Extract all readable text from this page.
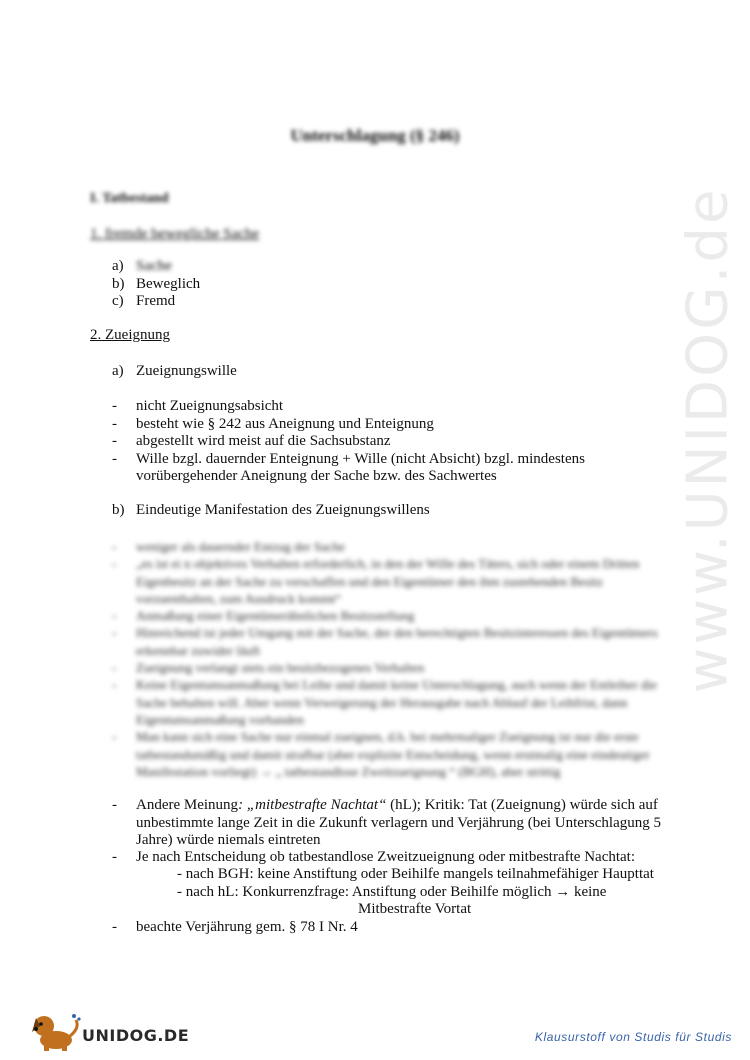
www.UNIDOG.de
Unterschlagung (§ 246)
I. Tatbestand
1. fremde bewegliche Sache
a) Sache
b) Beweglich
c) Fremd
2. Zueignung
a) Zueignungswille
- nicht Zueignungsabsicht
- besteht wie § 242 aus Aneignung und Enteignung
- abgestellt wird meist auf die Sachsubstanz
- Wille bzgl. dauernder Enteignung + Wille (nicht Absicht) bzgl. mindestens vorübergehender Aneignung der Sache bzw. des Sachwertes
b) Eindeutige Manifestation des Zueignungswillens
- weniger als dauernder Entzug der Sache
- „es ist ei n objektives Verhalten erforderlich, in den der Wille des Täters, sich oder einem Dritten Eigenbesitz an der Sache zu verschaffen und den Eigentümer den ihm zustehenden Besitz vorzuenthalten, zum Ausdruck kommt“
- Anmaßung einer Eigentümerähnlichen Besitzstellung
- Hinreichend ist jeder Umgang mit der Sache, der den berechtigten Besitzinteressen des Eigentümers erkennbar zuwider läuft
- Zueignung verlangt stets ein besitzbezogenes Verhalten
- Keine Eigentumsanmaßung bei Leihe und damit keine Unterschlagung, auch wenn der Entleiher die Sache behalten will. Aber wenn Verweigerung der Herausgabe nach Ablauf der Leihfrist, dann Eigentumsanmaßung vorhanden
- Man kann sich eine Sache nur einmal zueignen, d.h. bei mehrmaliger Zueignung ist nur die erste tatbestandsmäßig und damit strafbar (aber explizite Entscheidung, wenn erstmalig eine eindeutiger Manifestation vorliegt) → „ tatbestandlose Zweitzueignung “ (BGH), aber strittig
- Andere Meinung: „mitbestrafte Nachtat“ (hL); Kritik: Tat (Zueignung) würde sich auf unbestimmte lange Zeit in die Zukunft verlagern und Verjährung (bei Unterschlagung 5 Jahre) würde niemals eintreten
- Je nach Entscheidung ob tatbestandlose Zweitzueignung oder mitbestrafte Nachtat:
- nach BGH: keine Anstiftung oder Beihilfe mangels teilnahmefähiger Haupttat
- nach hL: Konkurrenzfrage: Anstiftung oder Beihilfe möglich → keine
Mitbestrafte Vortat
- beachte Verjährung gem. § 78 I Nr. 4
UNIDOG.DE	Klausurstoff von Studis für Studis
